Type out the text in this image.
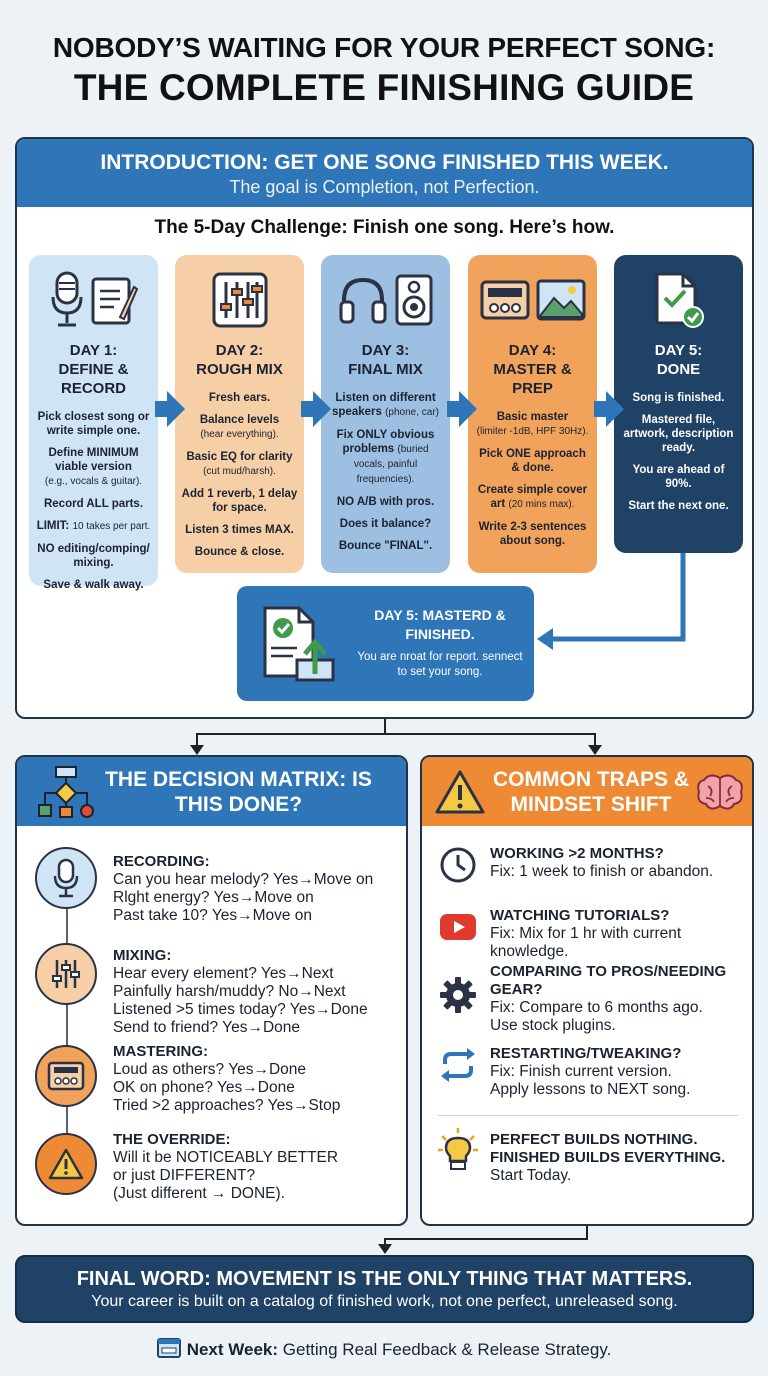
NOBODY’S WAITING FOR YOUR PERFECT SONG:
THE COMPLETE FINISHING GUIDE
INTRODUCTION: GET ONE SONG FINISHED THIS WEEK.
The goal is Completion, not Perfection.
The 5-Day Challenge: Finish one song. Here’s how.
DAY 1:
DEFINE & RECORD
Pick closest song or write simple one.
Define MINIMUM viable version
(e.g., vocals & guitar).
Record ALL parts.
LIMIT: 10 takes per part.
NO editing/comping/ mixing.
Save & walk away.
DAY 2:
ROUGH MIX
Fresh ears.
Balance levels
(hear everything).
Basic EQ for clarity
(cut mud/harsh).
Add 1 reverb, 1 delay for space.
Listen 3 times MAX.
Bounce & close.
DAY 3:
FINAL MIX
Listen on different speakers (phone, car)
Fix ONLY obvious problems (buried vocals, painful frequencies).
NO A/B with pros.
Does it balance?
Bounce "FINAL".
DAY 4:
MASTER & PREP
Basic master
(limiter -1dB, HPF 30Hz).
Pick ONE approach & done.
Create simple cover art (20 mins max).
Write 2-3 sentences about song.
DAY 5:
DONE
Song is finished.
Mastered file, artwork, description ready.
You are ahead of 90%.
Start the next one.
DAY 5: MASTERD & FINISHED.
You are nroat for report. sennect to set your song.
THE DECISION MATRIX: IS THIS DONE?
RECORDING:
Can you hear melody? Yes→Move on
Rlght energy? Yes→Move on
Past take 10? Yes→Move on
MIXING:
Hear every element? Yes→Next
Painfully harsh/muddy? No→Next
Listened >5 times today? Yes→Done
Send to friend? Yes→Done
MASTERING:
Loud as others? Yes→Done
OK on phone? Yes→Done
Tried >2 approaches? Yes→Stop
THE OVERRIDE:
Will it be NOTICEABLY BETTER
or just DIFFERENT?
(Just different → DONE).
COMMON TRAPS & MINDSET SHIFT
WORKING >2 MONTHS?
Fix: 1 week to finish or abandon.
WATCHING TUTORIALS?
Fix: Mix for 1 hr with current
knowledge.
COMPARING TO PROS/NEEDING GEAR?
Fix: Compare to 6 months ago.
Use stock plugins.
RESTARTING/TWEAKING?
Fix: Finish current version.
Apply lessons to NEXT song.
PERFECT BUILDS NOTHING. FINISHED BUILDS EVERYTHING.
Start Today.
FINAL WORD: MOVEMENT IS THE ONLY THING THAT MATTERS.
Your career is built on a catalog of finished work, not one perfect, unreleased song.
Next Week: Getting Real Feedback & Release Strategy.
